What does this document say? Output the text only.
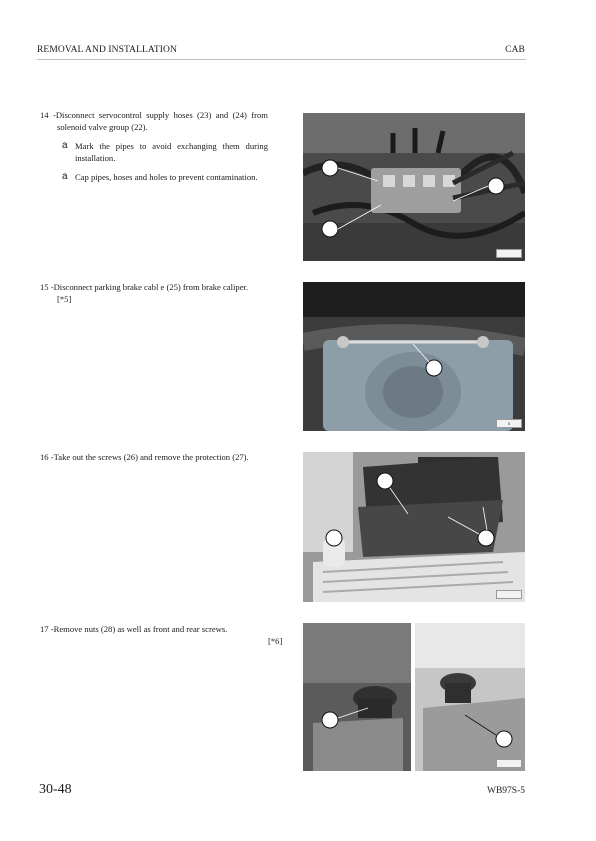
REMOVAL AND INSTALLATION	CAB
14 -Disconnect servocontrol supply hoses (23) and (24) from solenoid valve group (22).
a Mark the pipes to avoid exchanging them during installation.
a Cap pipes, hoses and holes to prevent contamination.
15 -Disconnect parking brake cabl e (25) from brake caliper.
[*5]
5
16 -Take out the screws (26) and remove the protection (27).
17 -Remove nuts (28) as well as front and rear screws.
[*6]
30-48	WB97S-5
